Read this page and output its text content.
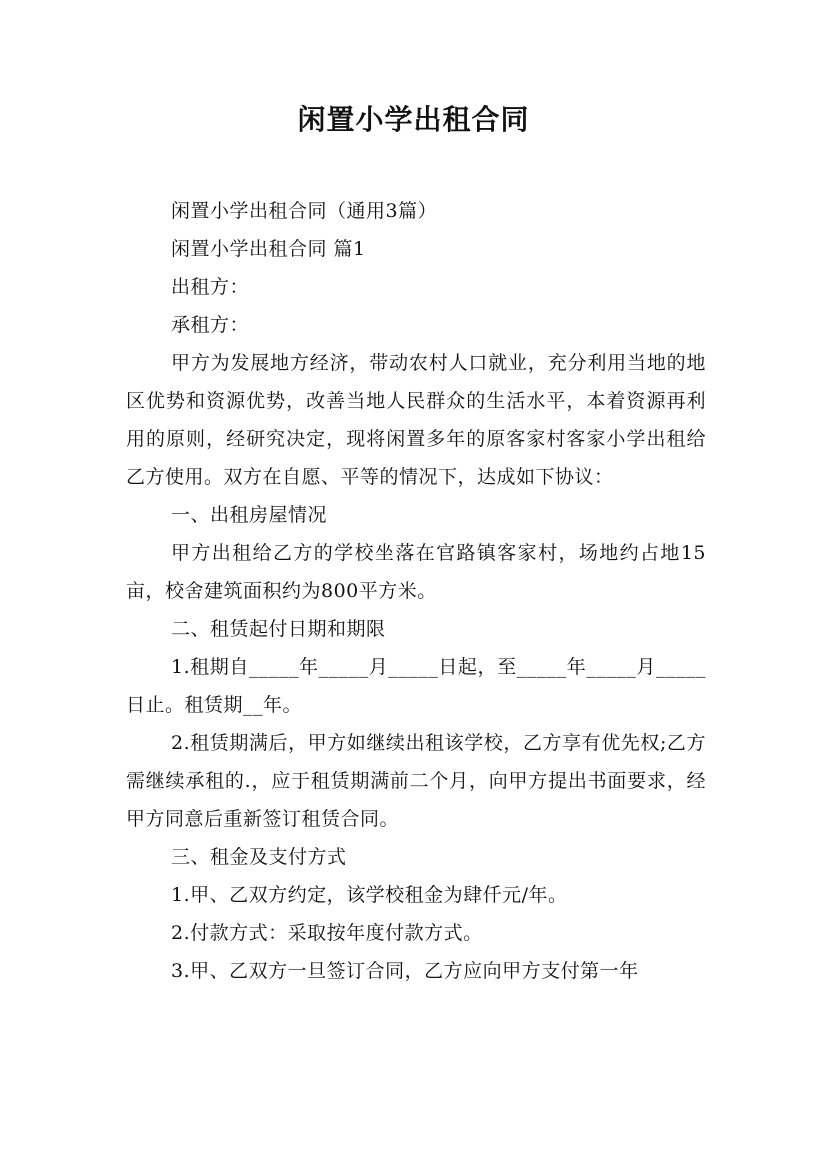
闲置小学出租合同

闲置小学出租合同（通用3篇）

闲置小学出租合同 篇1

出租方：

承租方：

甲方为发展地方经济，带动农村人口就业，充分利用当地的地区优势和资源优势，改善当地人民群众的生活水平，本着资源再利用的原则，经研究决定，现将闲置多年的原客家村客家小学出租给乙方使用。双方在自愿、平等的情况下，达成如下协议：

一、出租房屋情况

甲方出租给乙方的学校坐落在官路镇客家村，场地约占地15亩，校舍建筑面积约为800平方米。

二、租赁起付日期和期限

1.租期自_____年_____月_____日起，至_____年_____月_____日止。租赁期__年。

2.租赁期满后，甲方如继续出租该学校，乙方享有优先权;乙方需继续承租的.，应于租赁期满前二个月，向甲方提出书面要求，经甲方同意后重新签订租赁合同。

三、租金及支付方式

1.甲、乙双方约定，该学校租金为肆仟元/年。

2.付款方式：采取按年度付款方式。

3.甲、乙双方一旦签订合同，乙方应向甲方支付第一年
